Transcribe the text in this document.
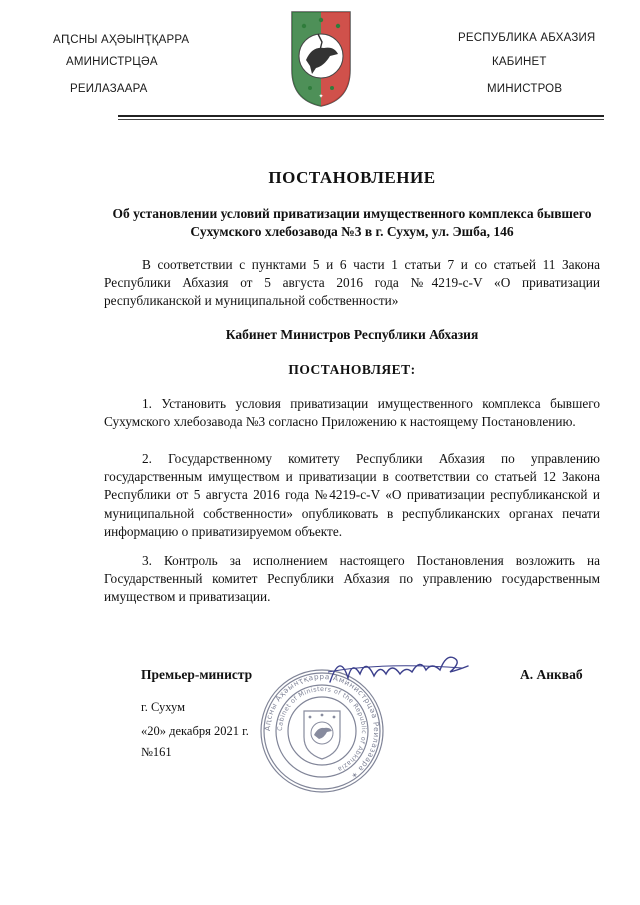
АԤСНЫ АҲӘЫНҬҚАРРА
АМИНИСТРЦӘА
РЕИЛАЗААРА
✦
РЕСПУБЛИКА АБХАЗИЯ
КАБИНЕТ
МИНИСТРОВ
ПОСТАНОВЛЕНИЕ
Об установлении условий приватизации имущественного комплекса бывшего Сухумского хлебозавода №3 в г. Сухум, ул. Эшба, 146
В соответствии с пунктами 5 и 6 части 1 статьи 7 и со статьей 11 Закона Республики Абхазия от 5 августа 2016 года №4219-с-V «О приватизации республиканской и муниципальной собственности»
Кабинет Министров Республики Абхазия
ПОСТАНОВЛЯЕТ:
1. Установить условия приватизации имущественного комплекса бывшего Сухумского хлебозавода №3 согласно Приложению к настоящему Постановлению.
2. Государственному комитету Республики Абхазия по управлению государственным имуществом и приватизации в соответствии со статьей 12 Закона Республики от 5 августа 2016 года №4219-с-V «О приватизации республиканской и муниципальной собственности» опубликовать в республиканских органах печати информацию о приватизируемом объекте.
3. Контроль за исполнением настоящего Постановления возложить на Государственный комитет Республики Абхазия по управлению государственным имуществом и приватизации.
Аԥсны Аҳәынҭқарра Аминистрцәа Реилазаара ✶
Cabinet of Ministers of the Republic of Abkhazia
Премьер-министр	А. Анкваб
г. Сухум
«20» декабря 2021 г.
№161
